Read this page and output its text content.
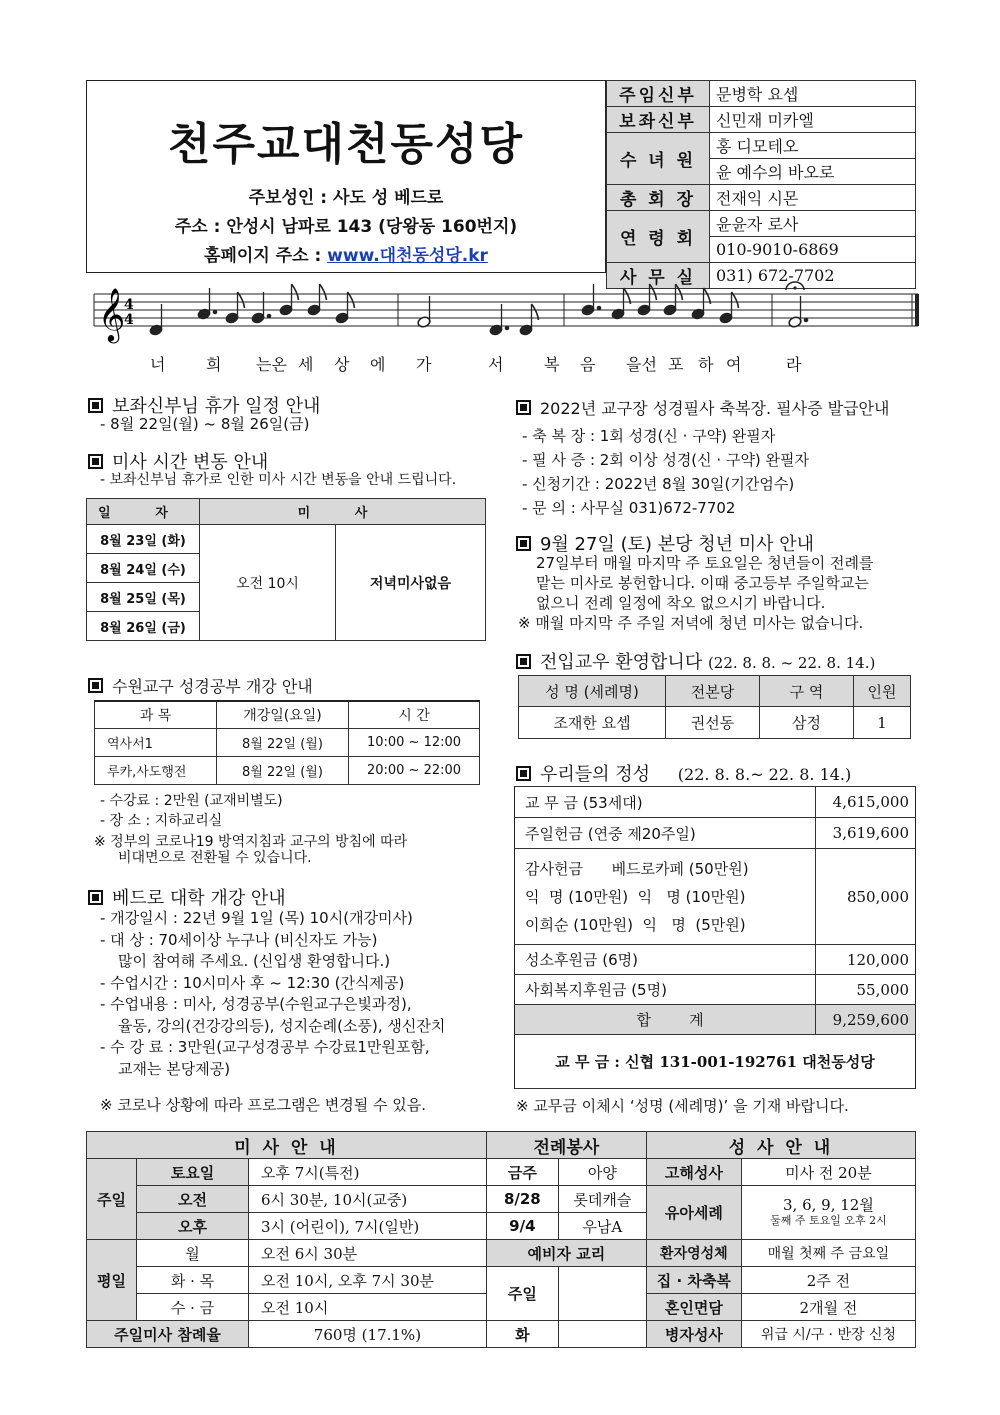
천주교대천동성당
주보성인 : 사도 성 베드로
주소 : 안성시 남파로 143 (당왕동 160번지)
홈페이지 주소 : www.대천동성당.kr
주임신부	문병학 요셉
보좌신부	신민재 미카엘
수 녀 원	홍 디모테오
	윤 예수의 바오로
총 회 장	전재익 시몬
연 령 회	윤윤자 로사
	010-9010-6869
사 무 실	031) 672-7702
𝄞
4
4
너	희 는온 세 상 에 가	서	복 음 을선 포 하 여	라
보좌신부님 휴가 일정 안내
- 8월 22일(월) ~ 8월 26일(금)
미사 시간 변동 안내
- 보좌신부님 휴가로 인한 미사 시간 변동을 안내 드립니다.
일 자	미 사	
8월 23일 (화)	오전 10시	저녁미사없음
8월 24일 (수)		
8월 25일 (목)		
8월 26일 (금)		
수원교구 성경공부 개강 안내
과 목	개강일(요일)	시 간
역사서1	8월 22일 (월)	10:00 ~ 12:00
루카,사도행전	8월 22일 (월)	20:00 ~ 22:00
- 수강료 : 2만원 (교재비별도)
- 장 소 : 지하교리실
※ 정부의 코로나19 방역지침과 교구의 방침에 따라
비대면으로 전환될 수 있습니다.
베드로 대학 개강 안내
- 개강일시 : 22년 9월 1일 (목) 10시(개강미사)
- 대 상 : 70세이상 누구나 (비신자도 가능)
많이 참여해 주세요. (신입생 환영합니다.)
- 수업시간 : 10시미사 후 ~ 12:30 (간식제공)
- 수업내용 : 미사, 성경공부(수원교구은빛과정),
율동, 강의(건강강의등), 성지순례(소풍), 생신잔치
- 수 강 료 : 3만원(교구성경공부 수강료1만원포함,
교재는 본당제공)
※ 코로나 상황에 따라 프로그램은 변경될 수 있음.
2022년 교구장 성경필사 축복장. 필사증 발급안내
- 축 복 장 : 1회 성경(신 · 구약) 완필자
- 필 사 증 : 2회 이상 성경(신 · 구약) 완필자
- 신청기간 : 2022년 8월 30일(기간엄수)
- 문 의 : 사무실 031)672-7702
9월 27일 (토) 본당 청년 미사 안내
27일부터 매월 마지막 주 토요일은 청년들이 전례를
맡는 미사로 봉헌합니다. 이때 중고등부 주일학교는
없으니 전례 일정에 착오 없으시기 바랍니다.
※ 매월 마지막 주 주일 저녁에 청년 미사는 없습니다.
전입교우 환영합니다 (22. 8. 8. ~ 22. 8. 14.)
성 명 (세례명)	전본당	구 역	인원
조재한 요셉	권선동	삼정	1
우리들의 정성 (22. 8. 8.~ 22. 8. 14.)
교 무 금 (53세대)	4,615,000
주일헌금 (연중 제20주일)	3,619,600

감사헌금      베드로카페 (50만원)
익  명 (10만원)  익   명 (10만원)
이희순 (10만원)  익   명  (5만원)	850,000
성소후원금 (6명)	120,000
사회복지후원금 (5명)	55,000
합        계	9,259,600
교 무 금 : 신협 131-001-192761 대천동성당	
※ 교무금 이체시 ‘성명 (세례명)’ 을 기재 바랍니다.
미 사 안 내			전례봉사		성 사 안 내	
주일	토요일	오후 7시(특전)	금주	아양	고해성사	미사 전 20분
	오전	6시 30분, 10시(교중)	8/28	롯데캐슬	유아세례	3, 6, 9, 12월
둘째 주 토요일 오후 2시

	오후	3시 (어린이), 7시(일반)	9/4	우남A		
평일	월	오전 6시 30분	예비자 교리		환자영성체	매월 첫째 주 금요일
	화 · 목	오전 10시, 오후 7시 30분	주일		집 · 차축복	2주 전
	수 · 금	오전 10시			혼인면담	2개월 전
주일미사 참례율		760명 (17.1%)	화		병자성사	위급 시/구 · 반장 신청
